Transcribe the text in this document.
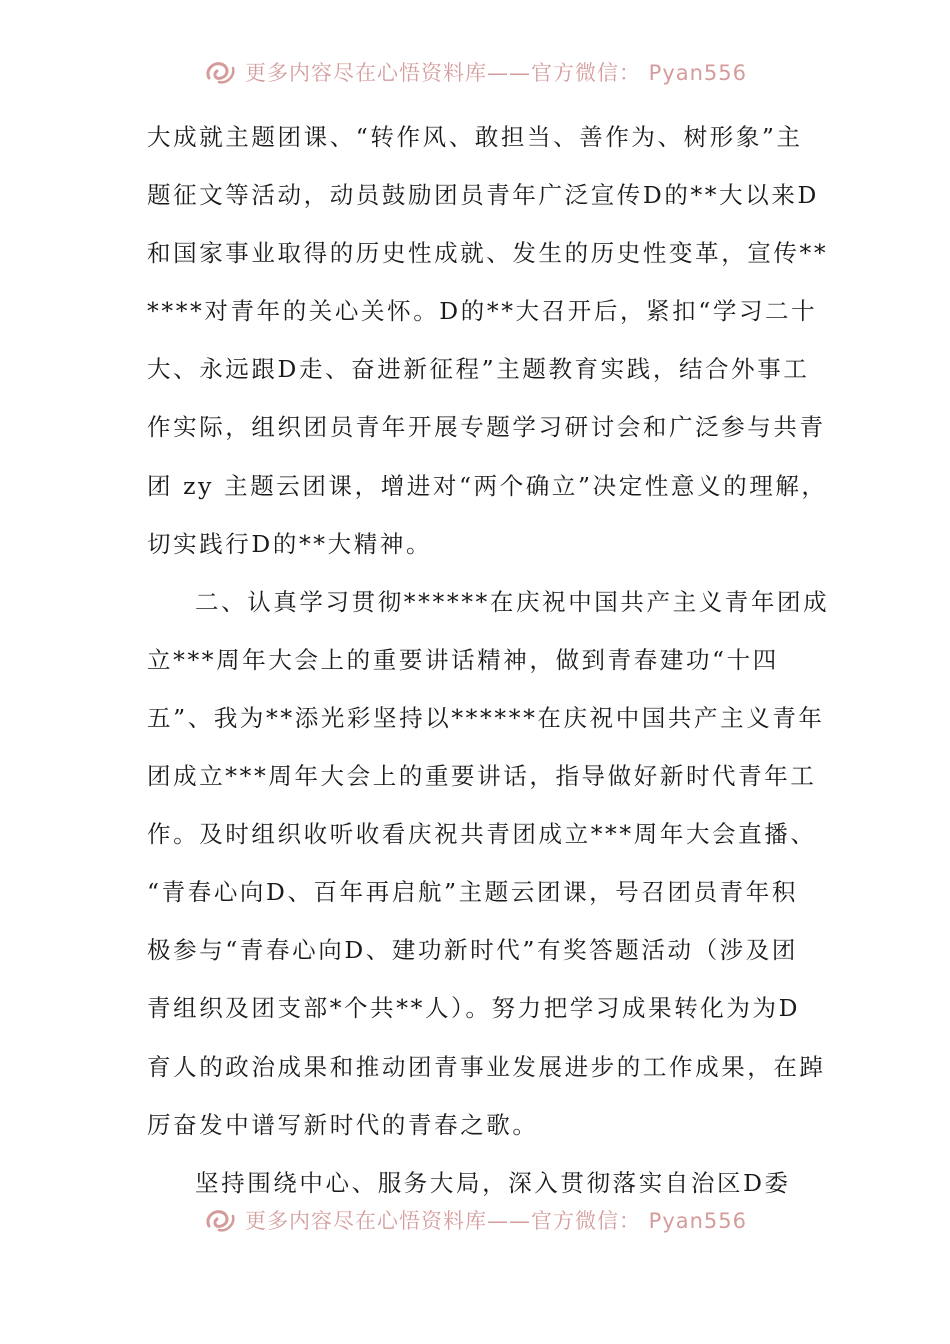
更多内容尽在心悟资料库——官方微信： Pyan556
大成就主题团课、“转作风、敢担当、善作为、树形象”主
题征文等活动，动员鼓励团员青年广泛宣传D的**大以来D
和国家事业取得的历史性成就、发生的历史性变革，宣传**
****对青年的关心关怀。D的**大召开后，紧扣“学习二十
大、永远跟D走、奋进新征程”主题教育实践，结合外事工
作实际，组织团员青年开展专题学习研讨会和广泛参与共青
团 zy 主题云团课，增进对“两个确立”决定性意义的理解，
切实践行D的**大精神。
二、认真学习贯彻******在庆祝中国共产主义青年团成
立***周年大会上的重要讲话精神，做到青春建功“十四
五”、我为**添光彩坚持以******在庆祝中国共产主义青年
团成立***周年大会上的重要讲话，指导做好新时代青年工
作。及时组织收听收看庆祝共青团成立***周年大会直播、
“青春心向D、百年再启航”主题云团课，号召团员青年积
极参与“青春心向D、建功新时代”有奖答题活动（涉及团
青组织及团支部*个共**人）。努力把学习成果转化为为D
育人的政治成果和推动团青事业发展进步的工作成果，在踔
厉奋发中谱写新时代的青春之歌。
坚持围绕中心、服务大局，深入贯彻落实自治区D委
更多内容尽在心悟资料库——官方微信： Pyan556
